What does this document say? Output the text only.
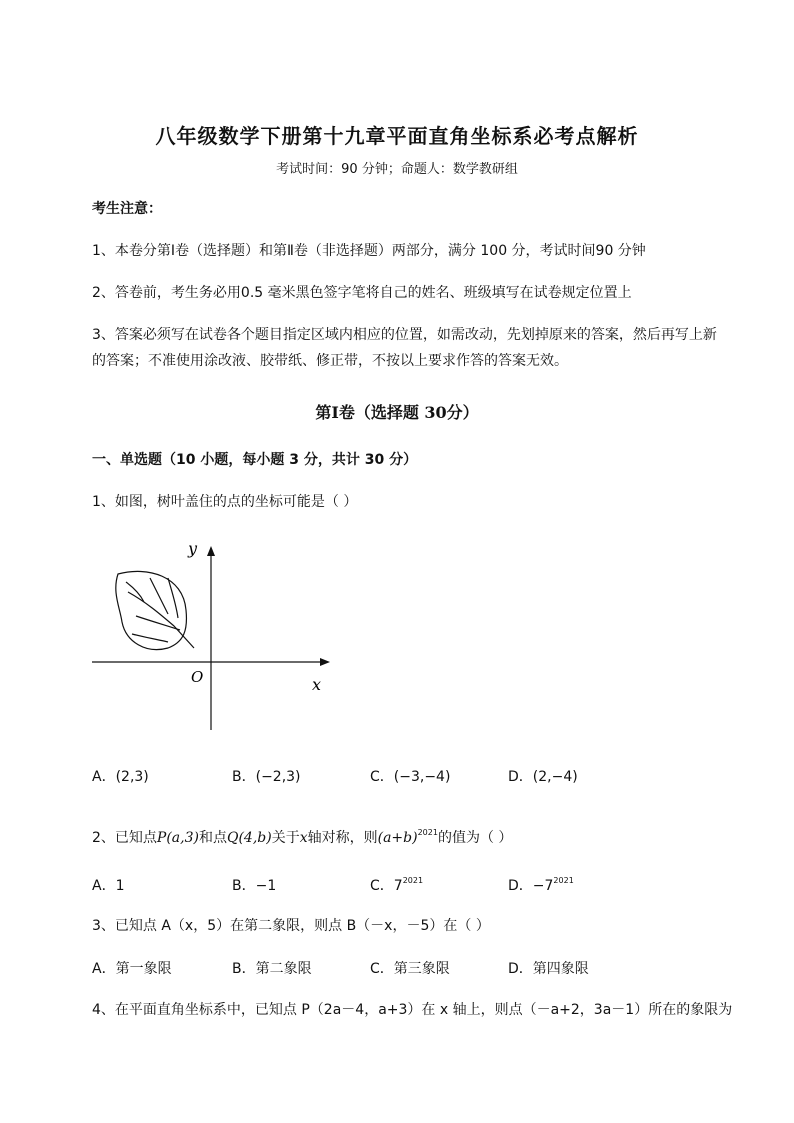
八年级数学下册第十九章平面直角坐标系必考点解析
考试时间：90 分钟；命题人：数学教研组
考生注意：
1、本卷分第Ⅰ卷（选择题）和第Ⅱ卷（非选择题）两部分，满分 100 分，考试时间90 分钟
2、答卷前，考生务必用0.5 毫米黑色签字笔将自己的姓名、班级填写在试卷规定位置上
3、答案必须写在试卷各个题目指定区域内相应的位置，如需改动，先划掉原来的答案，然后再写上新
的答案；不准使用涂改液、胶带纸、修正带，不按以上要求作答的答案无效。
第Ⅰ卷（选择题 30分）
一、单选题（10 小题，每小题 3 分，共计 30 分）
1、如图，树叶盖住的点的坐标可能是（ ）
y
x
O
A．(2,3)	B．(−2,3)	C．(−3,−4)	D．(2,−4)
2、已知点P(a,3)和点Q(4,b)关于x轴对称，则$(a+b)^{2021}$的值为（ ）
A．1	B．−1	C．$7^{2021}$	D．$-7^{2021}$
3、已知点 A（x，5）在第二象限，则点 B（－x，－5）在（ ）
A．第一象限	B．第二象限	C．第三象限	D．第四象限
4、在平面直角坐标系中，已知点 P（2a－4，a+3）在 x 轴上，则点（－a+2，3a－1）所在的象限为
